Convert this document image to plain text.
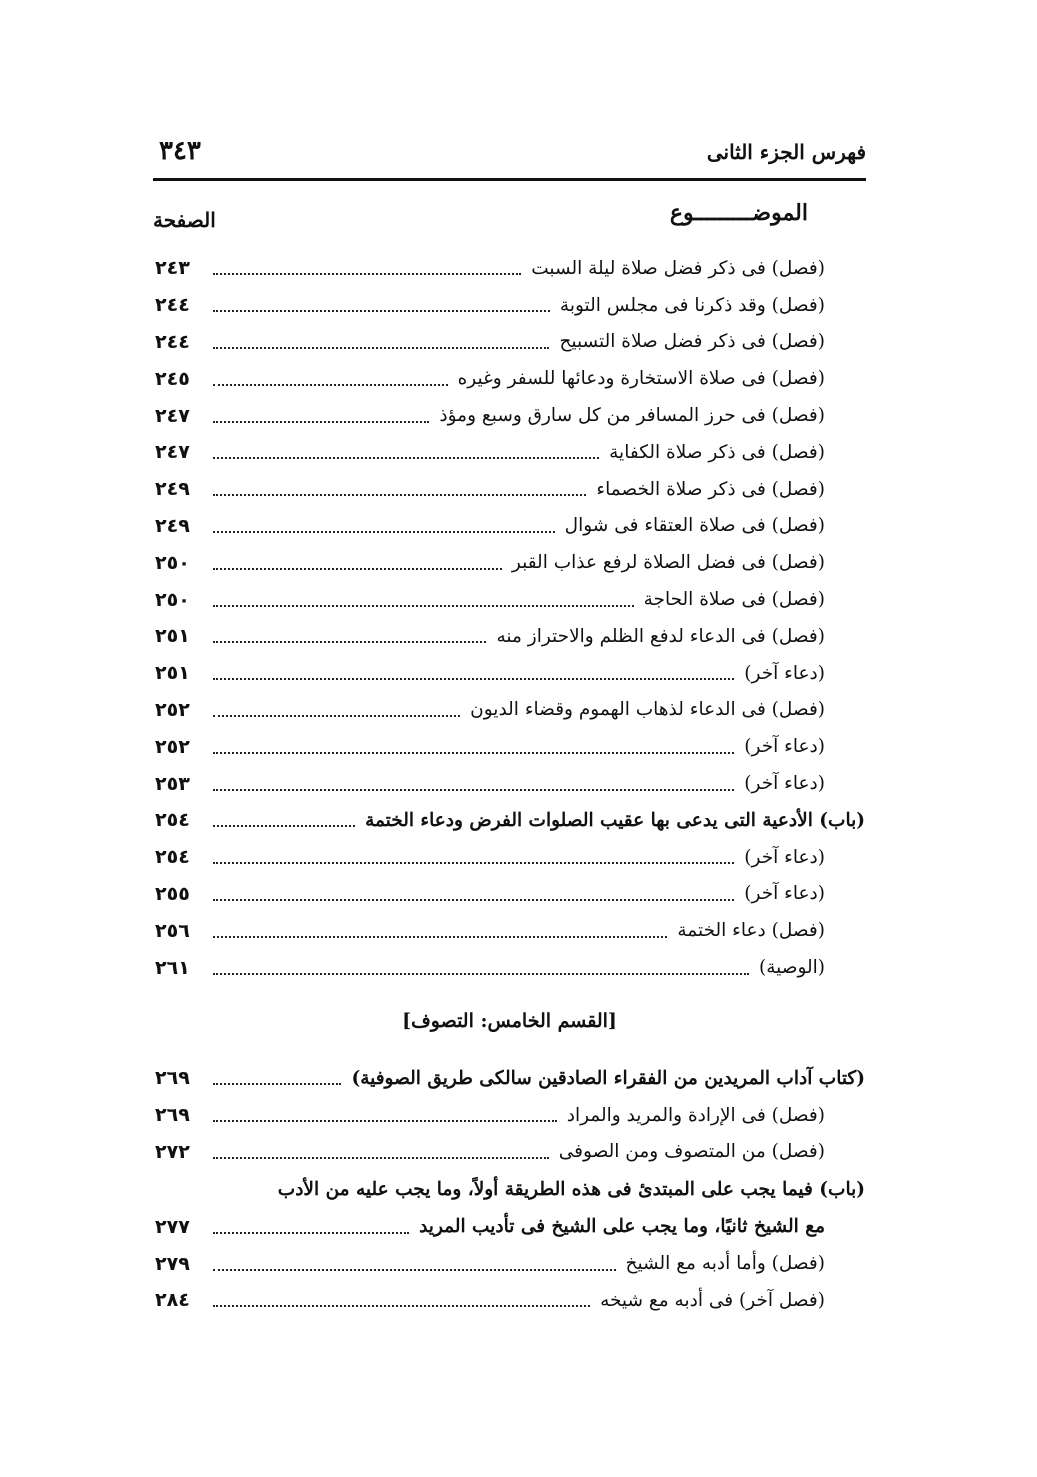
فهرس الجزء الثانى
٣٤٣
الموضـــــــــوع
الصفحة
(فصل) فى ذكر فضل صلاة ليلة السبت
٢٤٣
(فصل) وقد ذكرنا فى مجلس التوبة
٢٤٤
(فصل) فى ذكر فضل صلاة التسبيح
٢٤٤
(فصل) فى صلاة الاستخارة ودعائها للسفر وغيره
٢٤٥
(فصل) فى حرز المسافر من كل سارق وسبع ومؤذ
٢٤٧
(فصل) فى ذكر صلاة الكفاية
٢٤٧
(فصل) فى ذكر صلاة الخصماء
٢٤٩
(فصل) فى صلاة العتقاء فى شوال
٢٤٩
(فصل) فى فضل الصلاة لرفع عذاب القبر
٢٥٠
(فصل) فى صلاة الحاجة
٢٥٠
(فصل) فى الدعاء لدفع الظلم والاحتراز منه
٢٥١
(دعاء آخر)
٢٥١
(فصل) فى الدعاء لذهاب الهموم وقضاء الديون
٢٥٢
(دعاء آخر)
٢٥٢
(دعاء آخر)
٢٥٣
(باب) الأدعية التى يدعى بها عقيب الصلوات الفرض ودعاء الختمة
٢٥٤
(دعاء آخر)
٢٥٤
(دعاء آخر)
٢٥٥
(فصل) دعاء الختمة
٢٥٦
(الوصية)
٢٦١
[القسم الخامس: التصوف]
(كتاب آداب المريدين من الفقراء الصادقين سالكى طريق الصوفية)
٢٦٩
(فصل) فى الإرادة والمريد والمراد
٢٦٩
(فصل) من المتصوف ومن الصوفى
٢٧٢
(باب) فيما يجب على المبتدئ فى هذه الطريقة أولاً، وما يجب عليه من الأدب
مع الشيخ ثانيًا، وما يجب على الشيخ فى تأديب المريد
٢٧٧
(فصل) وأما أدبه مع الشيخ
٢٧٩
(فصل آخر) فى أدبه مع شيخه
٢٨٤
